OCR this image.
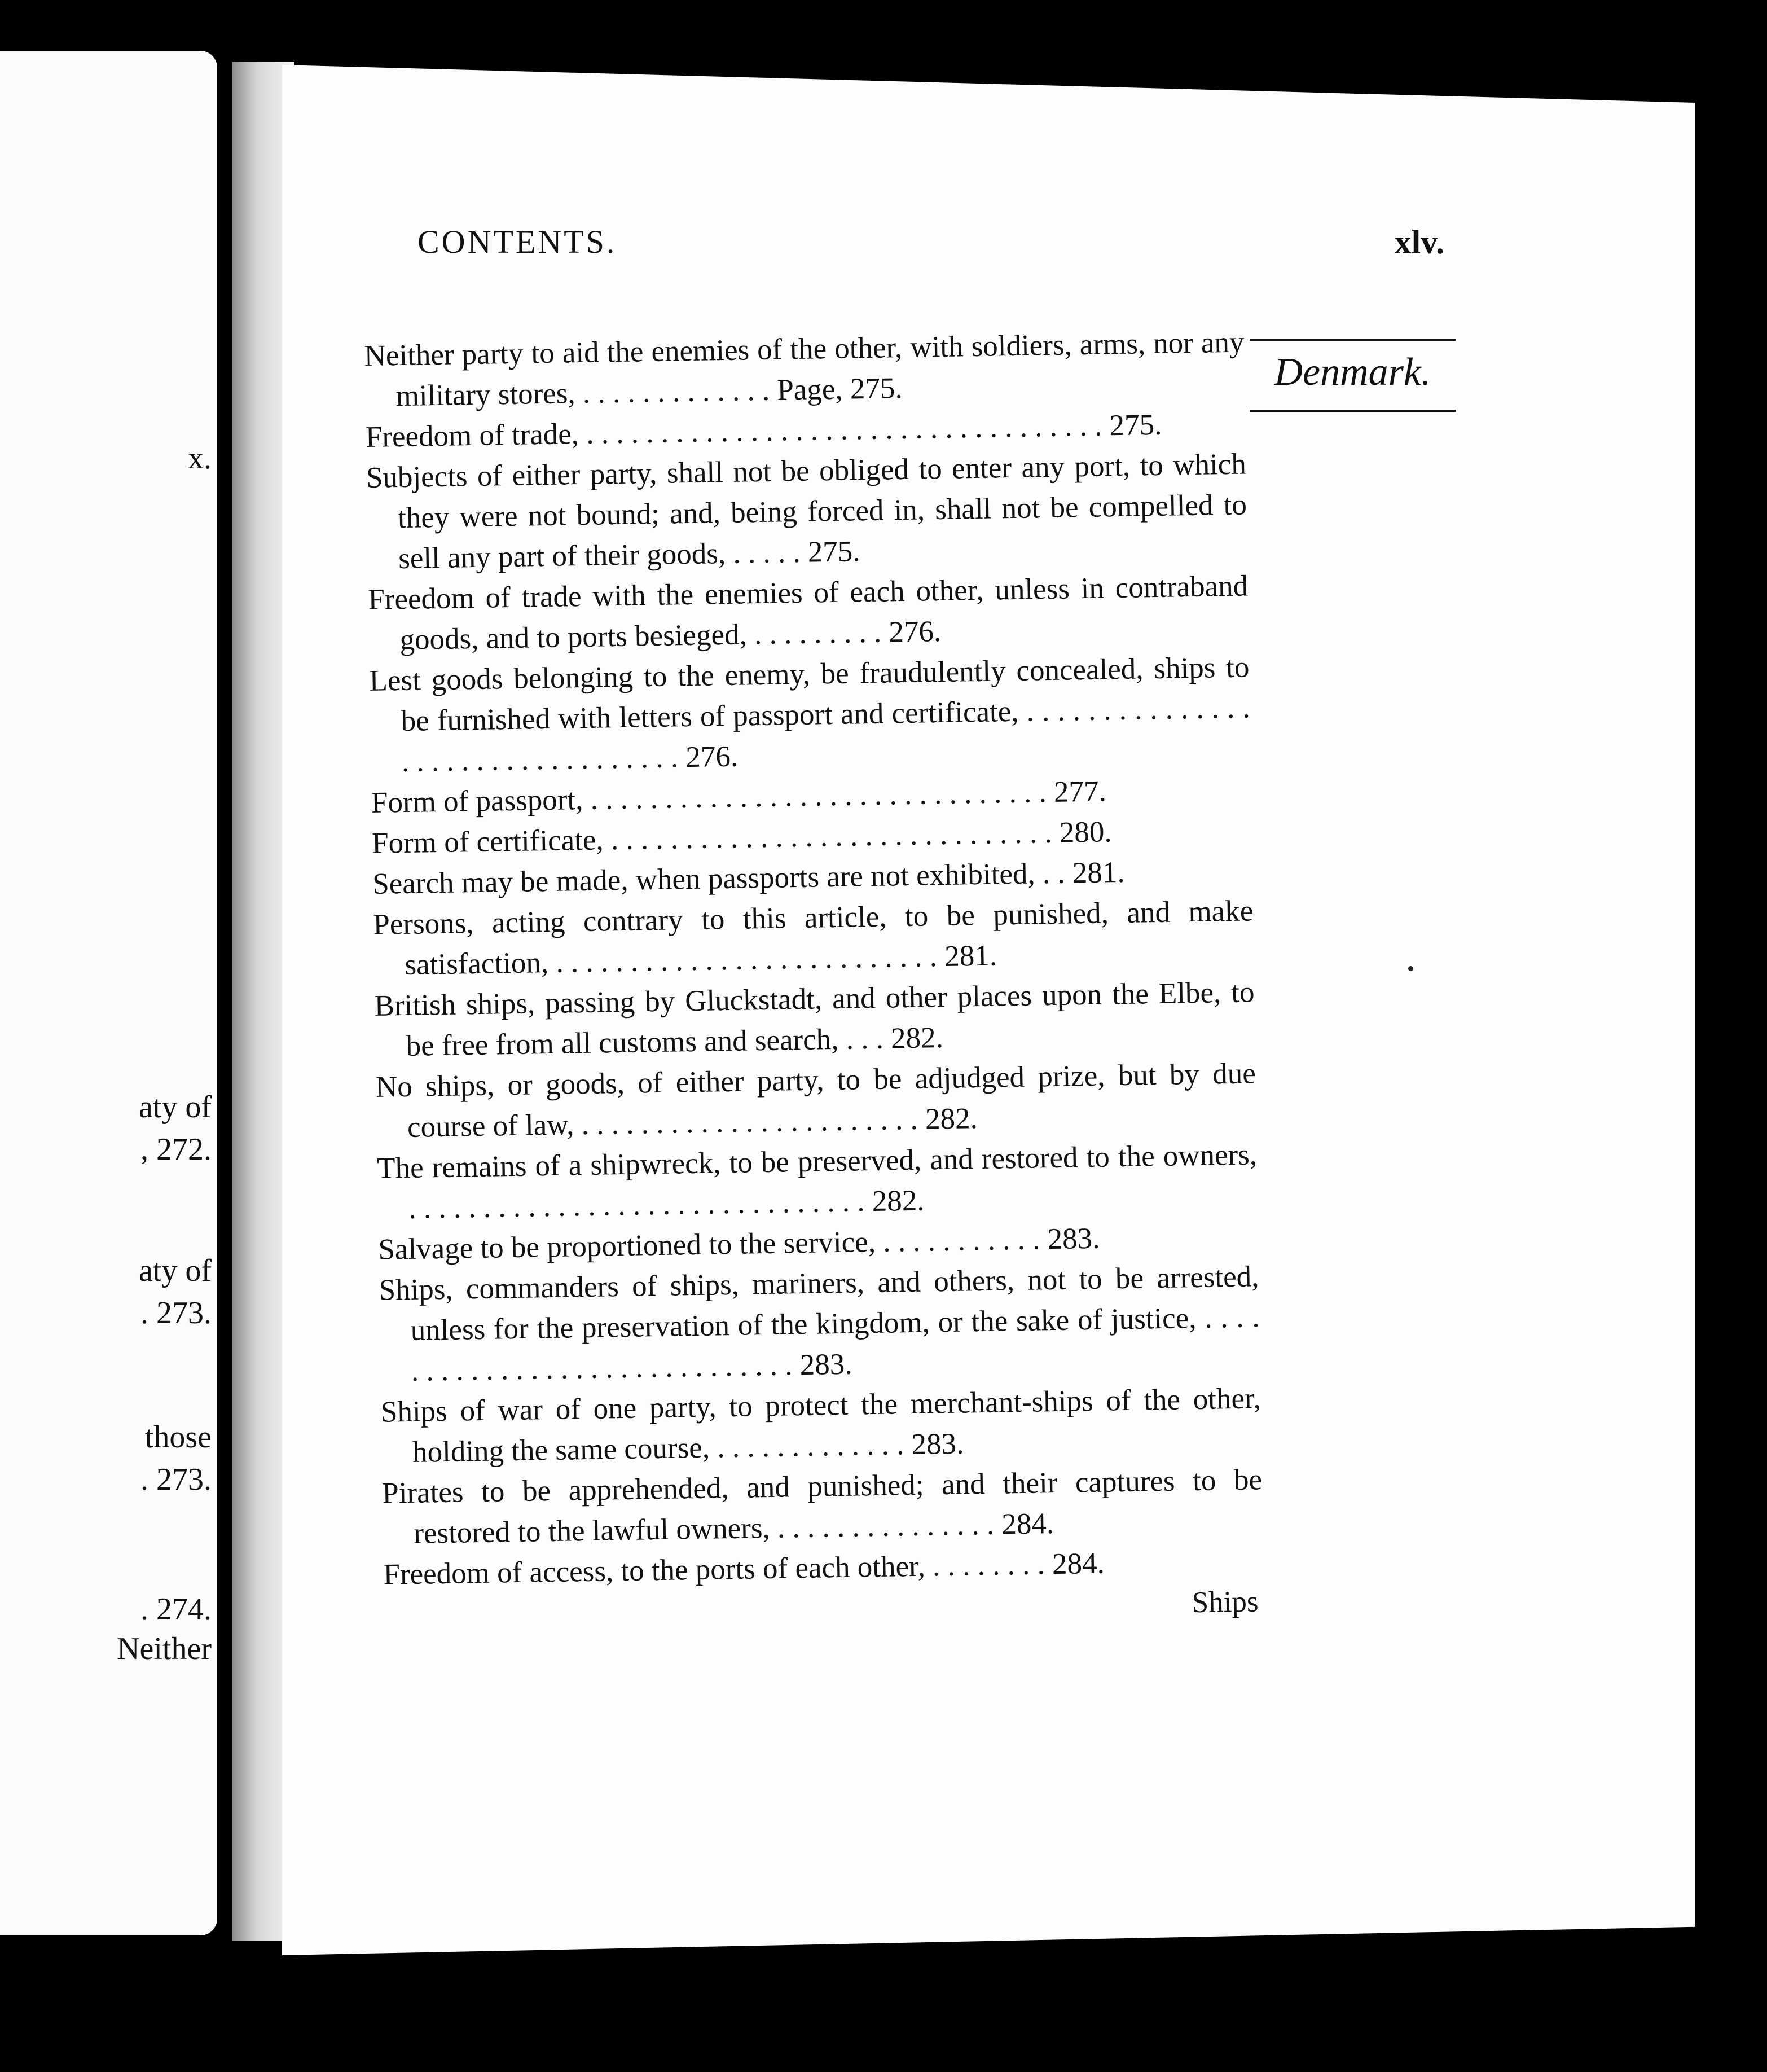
x.
aty of
, 272.
aty of
. 273.
those
. 273.
. 274.
Neither
CONTENTS.	xlv.
Denmark.
Neither party to aid the enemies of the other, with soldiers, arms, nor any military stores, . . . . . . . . . . . . . Page, 275.
Freedom of trade, . . . . . . . . . . . . . . . . . . . . . . . . . . . . . . . . . . . 275.
Subjects of either party, shall not be obliged to enter any port, to which they were not bound; and, being forced in, shall not be compelled to sell any part of their goods, . . . . . 275.
Freedom of trade with the enemies of each other, unless in contraband goods, and to ports besieged, . . . . . . . . . 276.
Lest goods belonging to the enemy, be fraudulently concealed, ships to be furnished with letters of passport and certificate, . . . . . . . . . . . . . . . . . . . . . . . . . . . . . . . . . . 276.
Form of passport, . . . . . . . . . . . . . . . . . . . . . . . . . . . . . . . 277.
Form of certificate, . . . . . . . . . . . . . . . . . . . . . . . . . . . . . . 280.
Search may be made, when passports are not exhibited, . . 281.
Persons, acting contrary to this article, to be punished, and make satisfaction, . . . . . . . . . . . . . . . . . . . . . . . . . . 281.
British ships, passing by Gluckstadt, and other places upon the Elbe, to be free from all customs and search, . . . 282.
No ships, or goods, of either party, to be adjudged prize, but by due course of law, . . . . . . . . . . . . . . . . . . . . . . . 282.
The remains of a shipwreck, to be preserved, and restored to the owners, . . . . . . . . . . . . . . . . . . . . . . . . . . . . . . . 282.
Salvage to be proportioned to the service, . . . . . . . . . . . 283.
Ships, commanders of ships, mariners, and others, not to be arrested, unless for the preservation of the kingdom, or the sake of justice, . . . . . . . . . . . . . . . . . . . . . . . . . . . . . . 283.
Ships of war of one party, to protect the merchant-ships of the other, holding the same course, . . . . . . . . . . . . . 283.
Pirates to be apprehended, and punished; and their captures to be restored to the lawful owners, . . . . . . . . . . . . . . . 284.
Freedom of access, to the ports of each other, . . . . . . . . 284.
Ships
